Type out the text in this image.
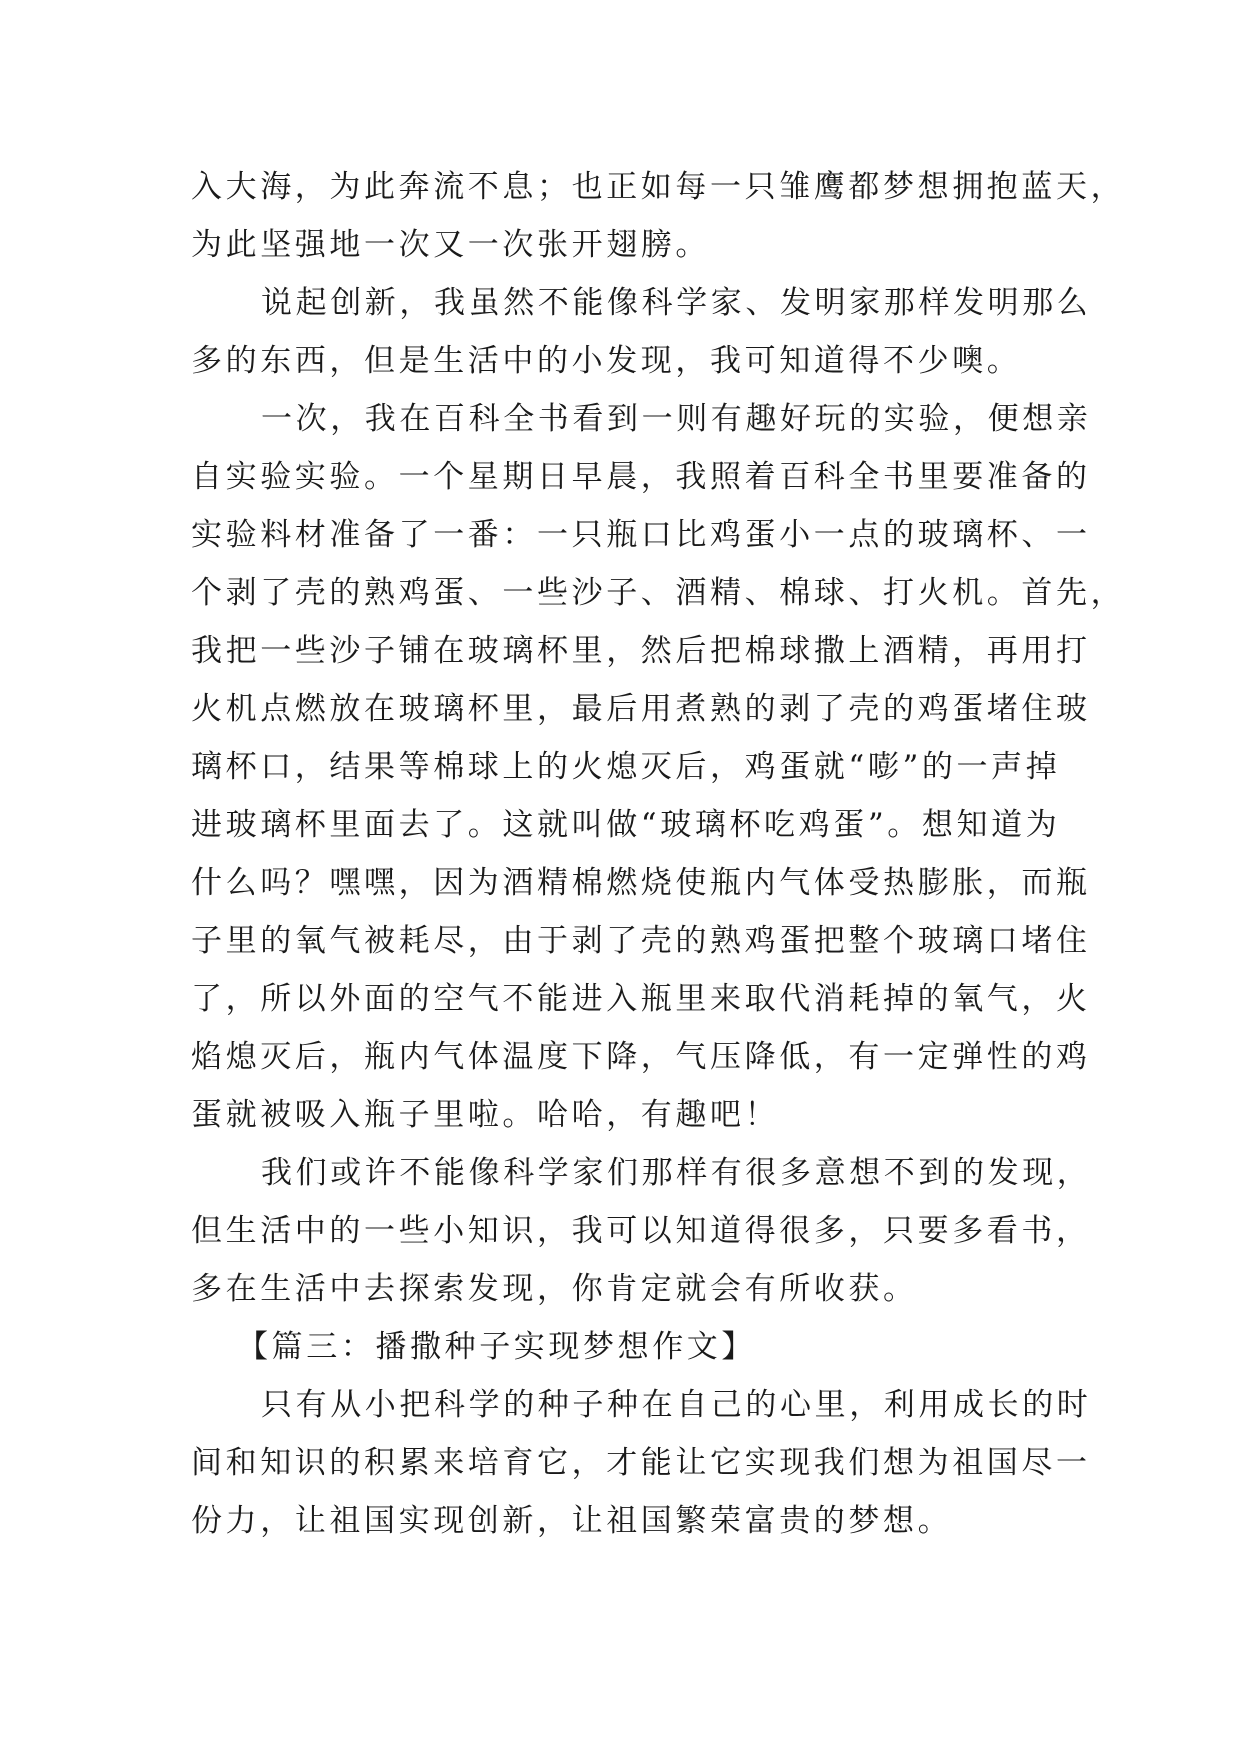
入大海，为此奔流不息；也正如每一只雏鹰都梦想拥抱蓝天，
为此坚强地一次又一次张开翅膀。
说起创新，我虽然不能像科学家、发明家那样发明那么
多的东西，但是生活中的小发现，我可知道得不少噢。
一次，我在百科全书看到一则有趣好玩的实验，便想亲
自实验实验。一个星期日早晨，我照着百科全书里要准备的
实验料材准备了一番：一只瓶口比鸡蛋小一点的玻璃杯、一
个剥了壳的熟鸡蛋、一些沙子、酒精、棉球、打火机。首先，
我把一些沙子铺在玻璃杯里，然后把棉球撒上酒精，再用打
火机点燃放在玻璃杯里，最后用煮熟的剥了壳的鸡蛋堵住玻
璃杯口，结果等棉球上的火熄灭后，鸡蛋就“嘭”的一声掉
进玻璃杯里面去了。这就叫做“玻璃杯吃鸡蛋”。想知道为
什么吗？嘿嘿，因为酒精棉燃烧使瓶内气体受热膨胀，而瓶
子里的氧气被耗尽，由于剥了壳的熟鸡蛋把整个玻璃口堵住
了，所以外面的空气不能进入瓶里来取代消耗掉的氧气，火
焰熄灭后，瓶内气体温度下降，气压降低，有一定弹性的鸡
蛋就被吸入瓶子里啦。哈哈，有趣吧！
我们或许不能像科学家们那样有很多意想不到的发现，
但生活中的一些小知识，我可以知道得很多，只要多看书，
多在生活中去探索发现，你肯定就会有所收获。
【篇三：播撒种子实现梦想作文】
只有从小把科学的种子种在自己的心里，利用成长的时
间和知识的积累来培育它，才能让它实现我们想为祖国尽一
份力，让祖国实现创新，让祖国繁荣富贵的梦想。
